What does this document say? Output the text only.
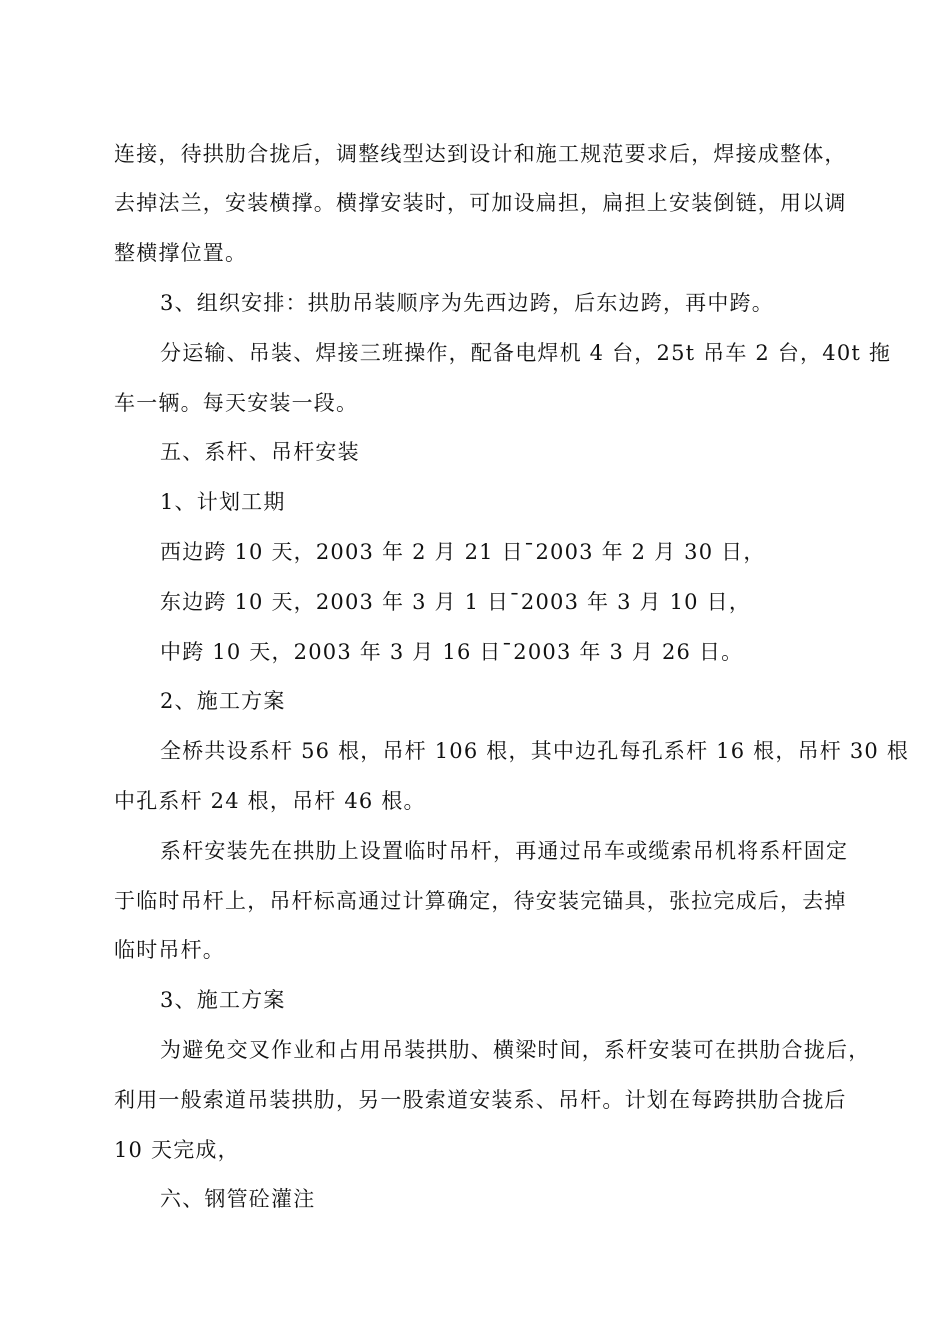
连接，待拱肋合拢后，调整线型达到设计和施工规范要求后，焊接成整体，
去掉法兰，安装横撑。横撑安装时，可加设扁担，扁担上安装倒链，用以调
整横撑位置。
3、组织安排：拱肋吊装顺序为先西边跨，后东边跨，再中跨。
分运输、吊装、焊接三班操作，配备电焊机 4 台，25t 吊车 2 台，40t 拖
车一辆。每天安装一段。
五、系杆、吊杆安装
1、计划工期
西边跨 10 天，2003 年 2 月 21 日¯2003 年 2 月 30 日，
东边跨 10 天，2003 年 3 月 1 日¯2003 年 3 月 10 日，
中跨 10 天，2003 年 3 月 16 日¯2003 年 3 月 26 日。
2、施工方案
全桥共设系杆 56 根，吊杆 106 根，其中边孔每孔系杆 16 根，吊杆 30 根
中孔系杆 24 根，吊杆 46 根。
系杆安装先在拱肋上设置临时吊杆，再通过吊车或缆索吊机将系杆固定
于临时吊杆上，吊杆标高通过计算确定，待安装完锚具，张拉完成后，去掉
临时吊杆。
3、施工方案
为避免交叉作业和占用吊装拱肋、横梁时间，系杆安装可在拱肋合拢后，
利用一般索道吊装拱肋，另一股索道安装系、吊杆。计划在每跨拱肋合拢后
10 天完成，
六、钢管砼灌注
